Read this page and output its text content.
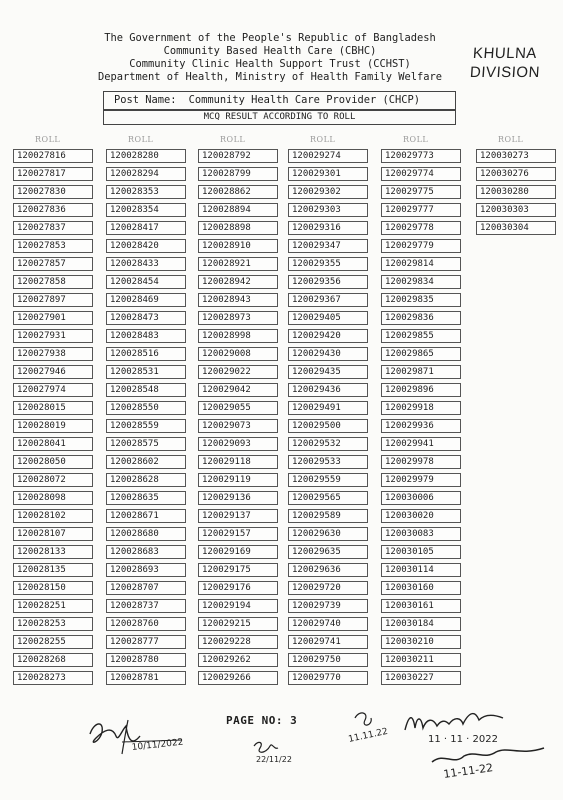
The Government of the People's Republic of Bangladesh
Community Based Health Care (CBHC)
Community Clinic Health Support Trust (CCHST)
Department of Health, Ministry of Health Family Welfare
KHULNA
DIVISION
Post Name: Community Health Care Provider (CHCP)
MCQ RESULT ACCORDING TO ROLL
ROLL
120027816
120027817
120027830
120027836
120027837
120027853
120027857
120027858
120027897
120027901
120027931
120027938
120027946
120027974
120028015
120028019
120028041
120028050
120028072
120028098
120028102
120028107
120028133
120028135
120028150
120028251
120028253
120028255
120028268
120028273
ROLL
120028280
120028294
120028353
120028354
120028417
120028420
120028433
120028454
120028469
120028473
120028483
120028516
120028531
120028548
120028550
120028559
120028575
120028602
120028628
120028635
120028671
120028680
120028683
120028693
120028707
120028737
120028760
120028777
120028780
120028781
ROLL
120028792
120028799
120028862
120028894
120028898
120028910
120028921
120028942
120028943
120028973
120028998
120029008
120029022
120029042
120029055
120029073
120029093
120029118
120029119
120029136
120029137
120029157
120029169
120029175
120029176
120029194
120029215
120029228
120029262
120029266
ROLL
120029274
120029301
120029302
120029303
120029316
120029347
120029355
120029356
120029367
120029405
120029420
120029430
120029435
120029436
120029491
120029500
120029532
120029533
120029559
120029565
120029589
120029630
120029635
120029636
120029720
120029739
120029740
120029741
120029750
120029770
ROLL
120029773
120029774
120029775
120029777
120029778
120029779
120029814
120029834
120029835
120029836
120029855
120029865
120029871
120029896
120029918
120029936
120029941
120029978
120029979
120030006
120030020
120030083
120030105
120030114
120030160
120030161
120030184
120030210
120030211
120030227
ROLL
120030273
120030276
120030280
120030303
120030304
PAGE NO: 3
10/11/2022
22/11/22
11.11.22	11 · 11 · 2022
11-11-22
